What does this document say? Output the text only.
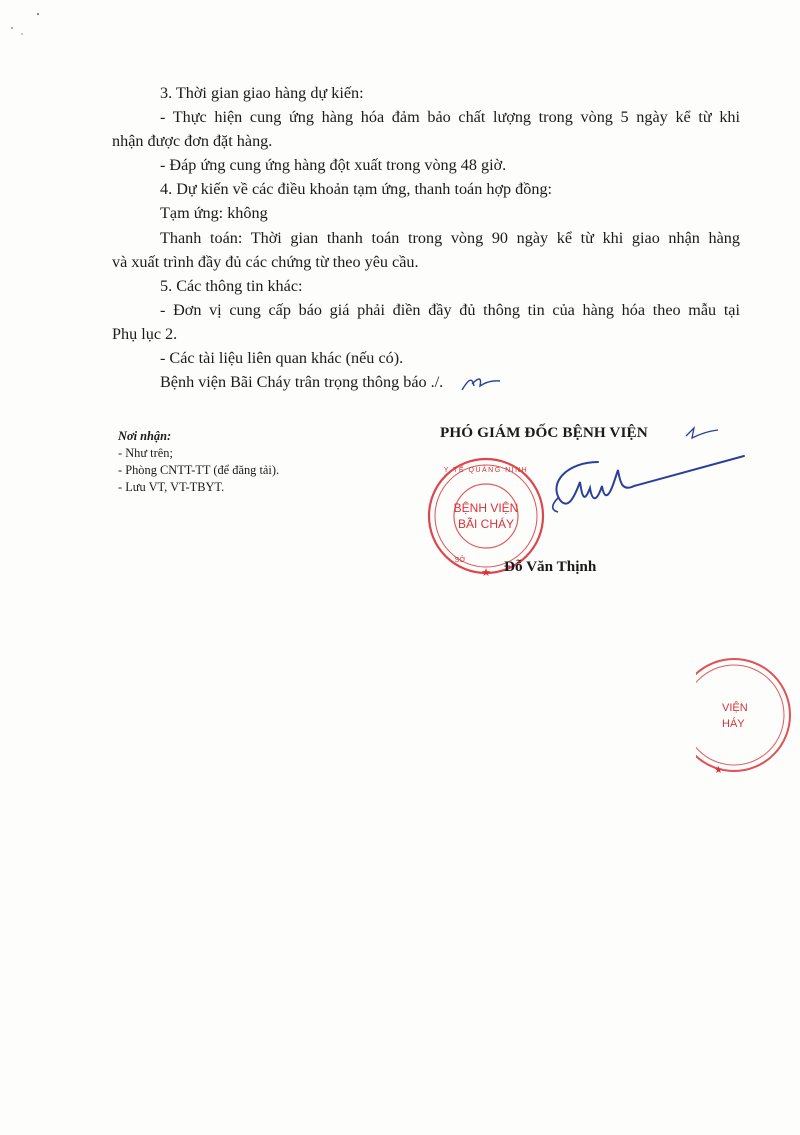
3. Thời gian giao hàng dự kiến:

- Thực hiện cung ứng hàng hóa đảm bảo chất lượng trong vòng 5 ngày kể từ khi

nhận được đơn đặt hàng.

- Đáp ứng cung ứng hàng đột xuất trong vòng 48 giờ.

4. Dự kiến về các điều khoản tạm ứng, thanh toán hợp đồng:

Tạm ứng: không

Thanh toán: Thời gian thanh toán trong vòng 90 ngày kể từ khi giao nhận hàng

và xuất trình đầy đủ các chứng từ theo yêu cầu.

5. Các thông tin khác:

- Đơn vị cung cấp báo giá phải điền đầy đủ thông tin của hàng hóa theo mẫu tại

Phụ lục 2.

- Các tài liệu liên quan khác (nếu có).

Bệnh viện Bãi Cháy trân trọng thông báo ./.

Nơi nhận:
- Như trên;
- Phòng CNTT-TT (để đăng tải).
- Lưu VT, VT-TBYT.
PHÓ GIÁM ĐỐC BỆNH VIỆN
BỆNH VIỆN
BÃI CHÁY
Y TẾ QUẢNG NINH
SỞ
★ Đỗ Văn Thịnh
VIỆN
HÁY
★
